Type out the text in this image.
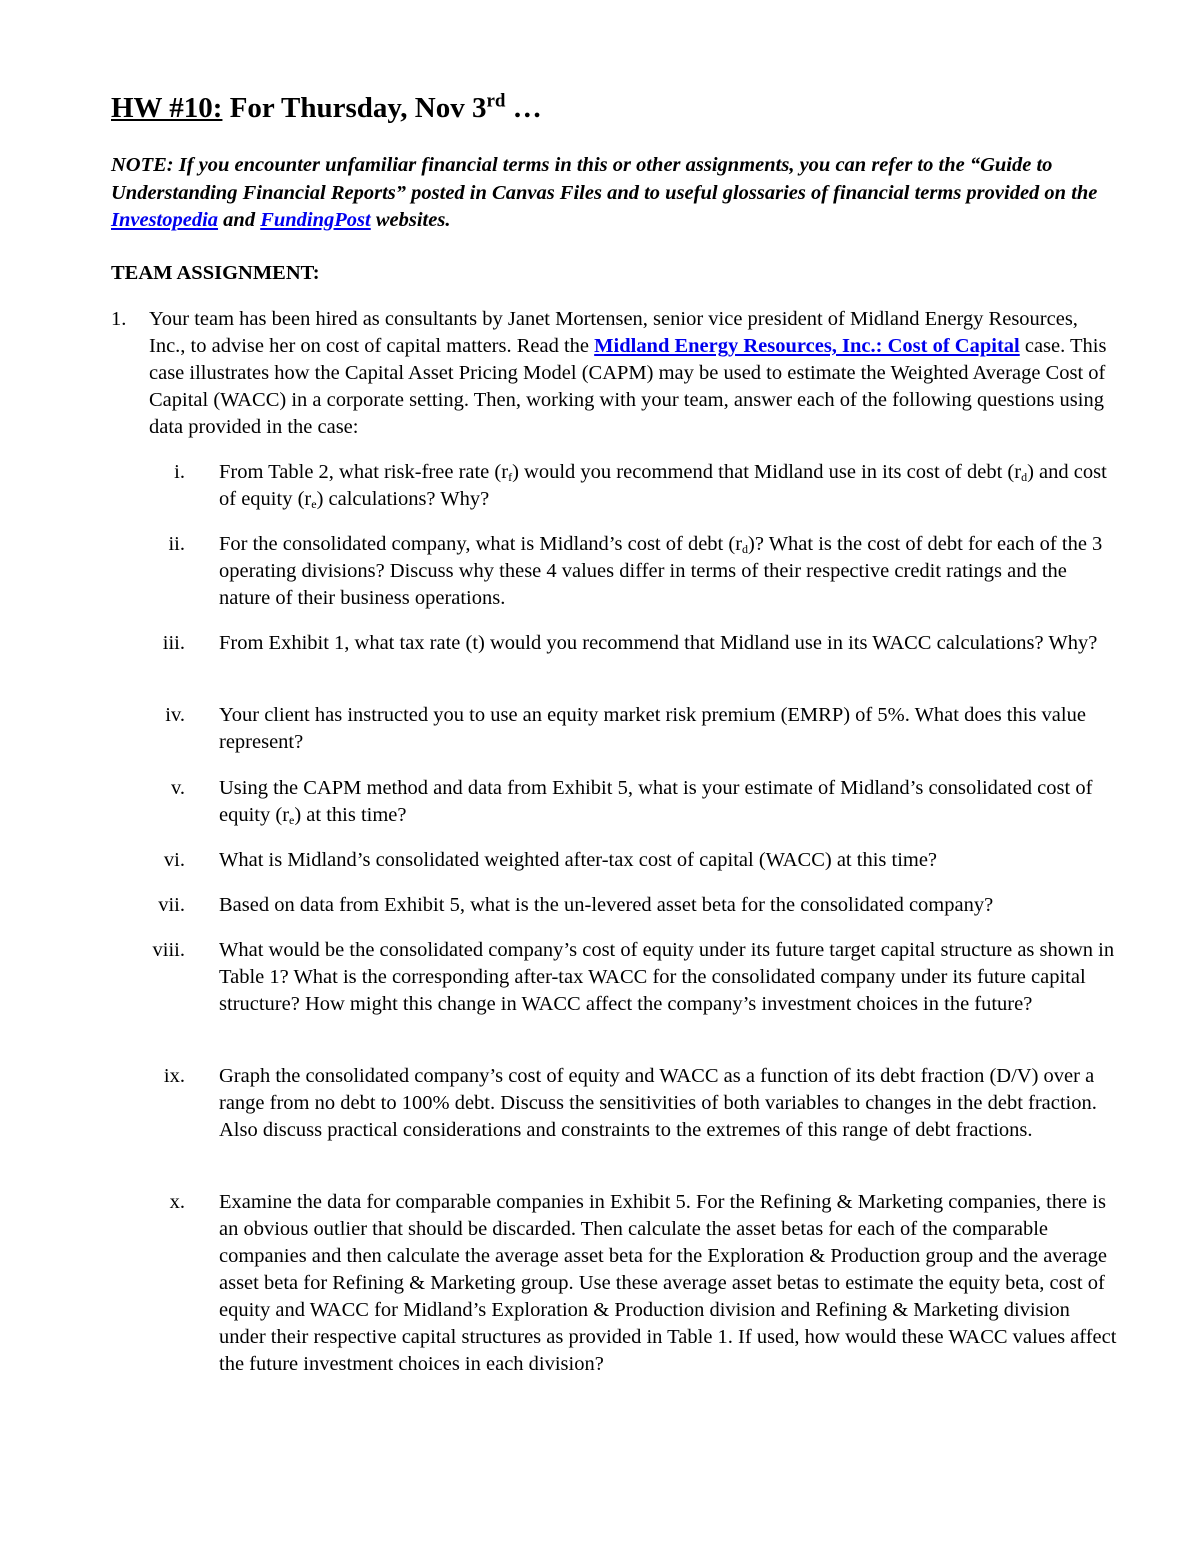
HW #10: For Thursday, Nov 3rd …
NOTE: If you encounter unfamiliar financial terms in this or other assignments, you can refer to the “Guide to Understanding Financial Reports” posted in Canvas Files and to useful glossaries of financial terms provided on the Investopedia and FundingPost websites.
TEAM ASSIGNMENT:
1. Your team has been hired as consultants by Janet Mortensen, senior vice president of Midland Energy Resources, Inc., to advise her on cost of capital matters. Read the Midland Energy Resources, Inc.: Cost of Capital case. This case illustrates how the Capital Asset Pricing Model (CAPM) may be used to estimate the Weighted Average Cost of Capital (WACC) in a corporate setting. Then, working with your team, answer each of the following questions using data provided in the case:
i. From Table 2, what risk-free rate $(r_f)$ would you recommend that Midland use in its cost of debt $(r_d)$ and cost of equity $(r_e)$ calculations? Why?
ii. For the consolidated company, what is Midland’s cost of debt $(r_d)$? What is the cost of debt for each of the 3 operating divisions? Discuss why these 4 values differ in terms of their respective credit ratings and the nature of their business operations.
iii. From Exhibit 1, what tax rate (t) would you recommend that Midland use in its WACC calculations? Why?
iv. Your client has instructed you to use an equity market risk premium (EMRP) of 5%. What does this value represent?
v. Using the CAPM method and data from Exhibit 5, what is your estimate of Midland’s consolidated cost of equity $(r_e)$ at this time?
vi. What is Midland’s consolidated weighted after-tax cost of capital (WACC) at this time?
vii. Based on data from Exhibit 5, what is the un-levered asset beta for the consolidated company?
viii. What would be the consolidated company’s cost of equity under its future target capital structure as shown in Table 1? What is the corresponding after-tax WACC for the consolidated company under its future capital structure? How might this change in WACC affect the company’s investment choices in the future?
ix. Graph the consolidated company’s cost of equity and WACC as a function of its debt fraction (D/V) over a range from no debt to 100% debt. Discuss the sensitivities of both variables to changes in the debt fraction. Also discuss practical considerations and constraints to the extremes of this range of debt fractions.
x. Examine the data for comparable companies in Exhibit 5. For the Refining & Marketing companies, there is an obvious outlier that should be discarded. Then calculate the asset betas for each of the comparable companies and then calculate the average asset beta for the Exploration & Production group and the average asset beta for Refining & Marketing group. Use these average asset betas to estimate the equity beta, cost of equity and WACC for Midland’s Exploration & Production division and Refining & Marketing division under their respective capital structures as provided in Table 1. If used, how would these WACC values affect the future investment choices in each division?
